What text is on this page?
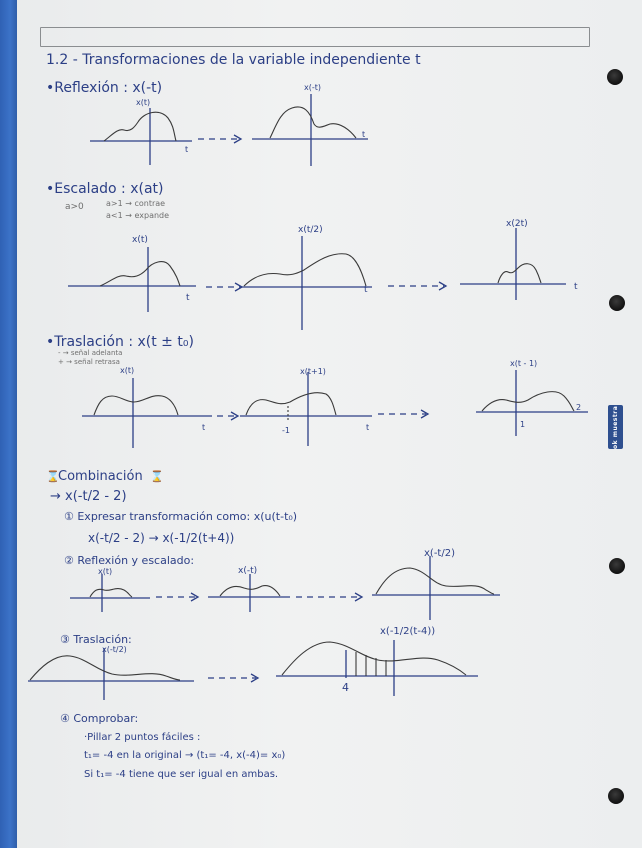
ok muestra
1.2 - Transformaciones de la variable independiente t
•Reflexión : x(-t)
x(t)
t
x(-t)
t
•Escalado : x(at)
a>0	a>1 → contrae
a<1 → expande
x(t)
t
x(t/2)
t
x(2t)
t
•Traslación : x(t ± t₀)
- → señal adelanta
+ → señal retrasa
x(t)
t
x(t+1)
-1	t
x(t - 1)
1
2
⌛
Combinación ⌛
→ x(-t/2 - 2)
① Expresar transformación como: x(u(t-t₀)
x(-t/2 - 2) → x(-1/2(t+4))
② Reflexión y escalado:
x(t)	x(-t)
x(-t/2)
③ Traslación:
x(-t/2)
x(-1/2(t-4))
4
④ Comprobar:
·Pillar 2 puntos fáciles :
t₁= -4 en la original → (t₁= -4, x(-4)= x₀)
Si t₁= -4 tiene que ser igual en ambas.
